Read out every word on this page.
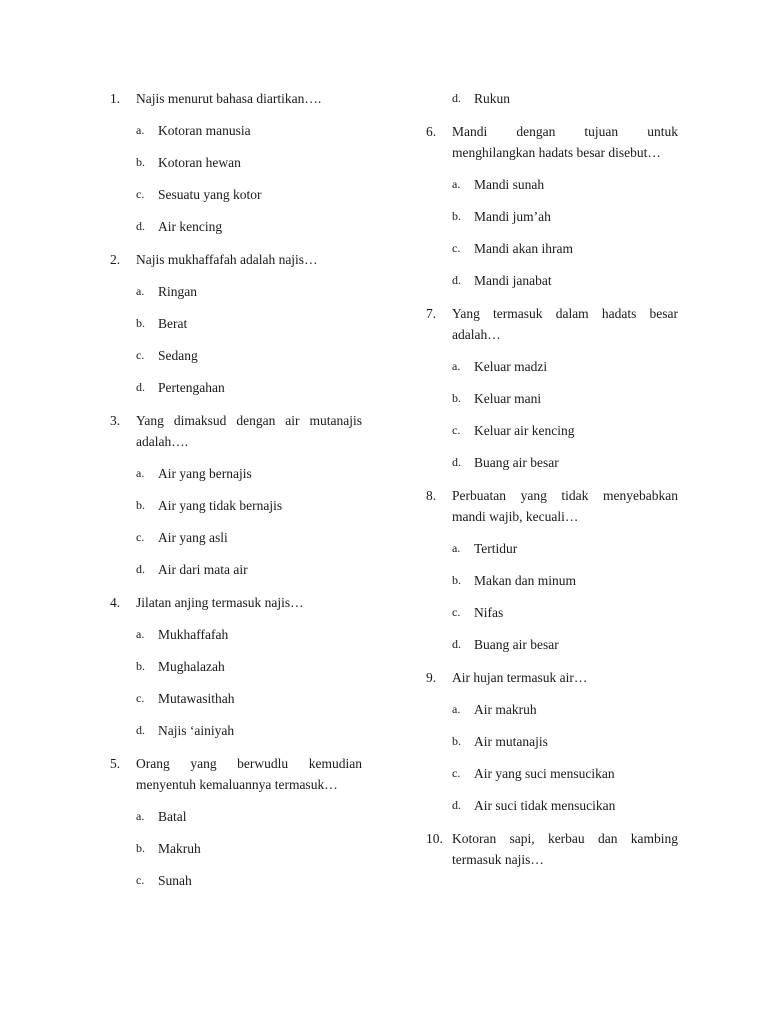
1. Najis menurut bahasa diartikan….
a. Kotoran manusia
b. Kotoran hewan
c. Sesuatu yang kotor
d. Air kencing
2. Najis mukhaffafah adalah najis…
a. Ringan
b. Berat
c. Sedang
d. Pertengahan
3. Yang dimaksud dengan air mutanajis adalah….
a. Air yang bernajis
b. Air yang tidak bernajis
c. Air yang asli
d. Air dari mata air
4. Jilatan anjing termasuk najis…
a. Mukhaffafah
b. Mughalazah
c. Mutawasithah
d. Najis ‘ainiyah
5. Orang yang berwudlu kemudian menyentuh kemaluannya termasuk…
a. Batal
b. Makruh
c. Sunah
d. Rukun
6. Mandi dengan tujuan untuk menghilangkan hadats besar disebut…
a. Mandi sunah
b. Mandi jum’ah
c. Mandi akan ihram
d. Mandi janabat
7. Yang termasuk dalam hadats besar adalah…
a. Keluar madzi
b. Keluar mani
c. Keluar air kencing
d. Buang air besar
8. Perbuatan yang tidak menyebabkan mandi wajib, kecuali…
a. Tertidur
b. Makan dan minum
c. Nifas
d. Buang air besar
9. Air hujan termasuk air…
a. Air makruh
b. Air mutanajis
c. Air yang suci mensucikan
d. Air suci tidak mensucikan
10. Kotoran sapi, kerbau dan kambing termasuk najis…
